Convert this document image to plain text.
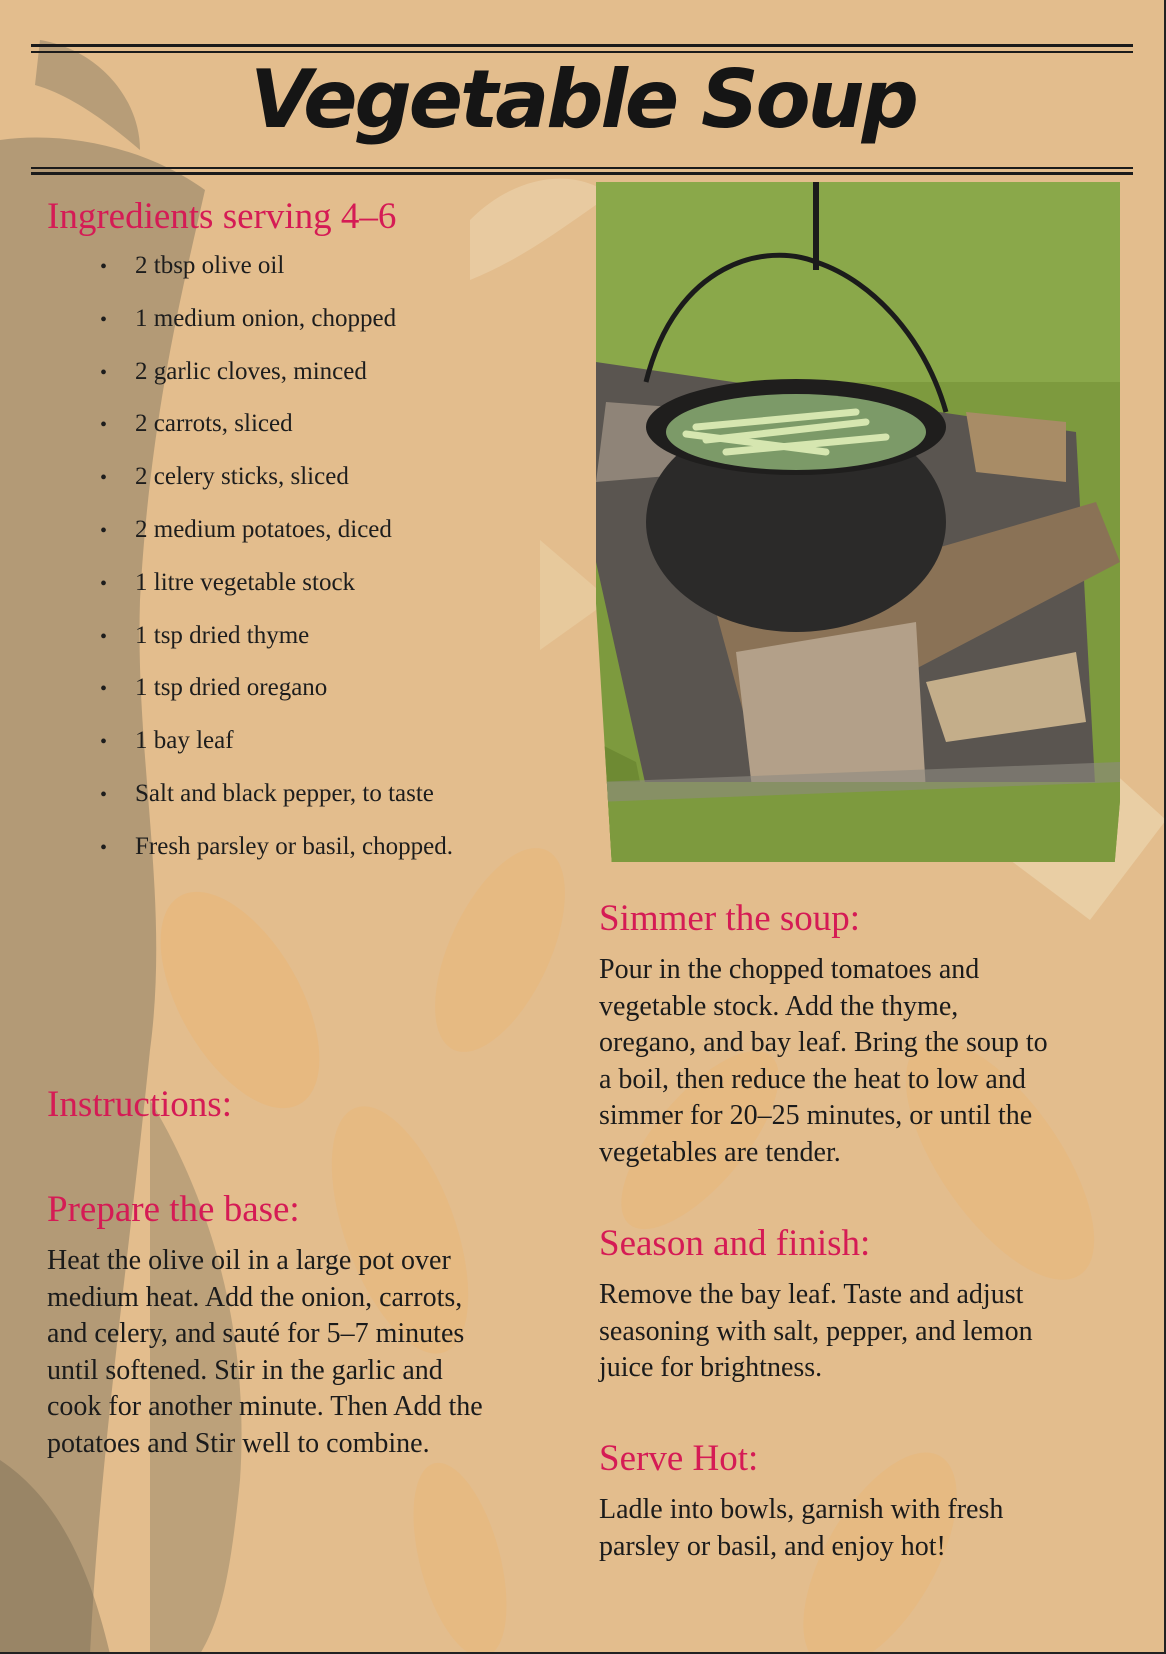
Vegetable Soup
Ingredients serving 4–6
• 2 tbsp olive oil
• 1 medium onion, chopped
• 2 garlic cloves, minced
• 2 carrots, sliced
• 2 celery sticks, sliced
• 2 medium potatoes, diced
• 1 litre vegetable stock
• 1 tsp dried thyme
• 1 tsp dried oregano
• 1 bay leaf
• Salt and black pepper, to taste
• Fresh parsley or basil, chopped.
Instructions:
Prepare the base:
Heat the olive oil in a large pot over
medium heat. Add the onion, carrots,
and celery, and sauté for 5–7 minutes
until softened. Stir in the garlic and
cook for another minute. Then Add the
potatoes and Stir well to combine.
Simmer the soup:
Pour in the chopped tomatoes and
vegetable stock. Add the thyme,
oregano, and bay leaf. Bring the soup to
a boil, then reduce the heat to low and
simmer for 20–25 minutes, or until the
vegetables are tender.
Season and finish:
Remove the bay leaf. Taste and adjust
seasoning with salt, pepper, and lemon
juice for brightness.
Serve Hot:
Ladle into bowls, garnish with fresh
parsley or basil, and enjoy hot!
